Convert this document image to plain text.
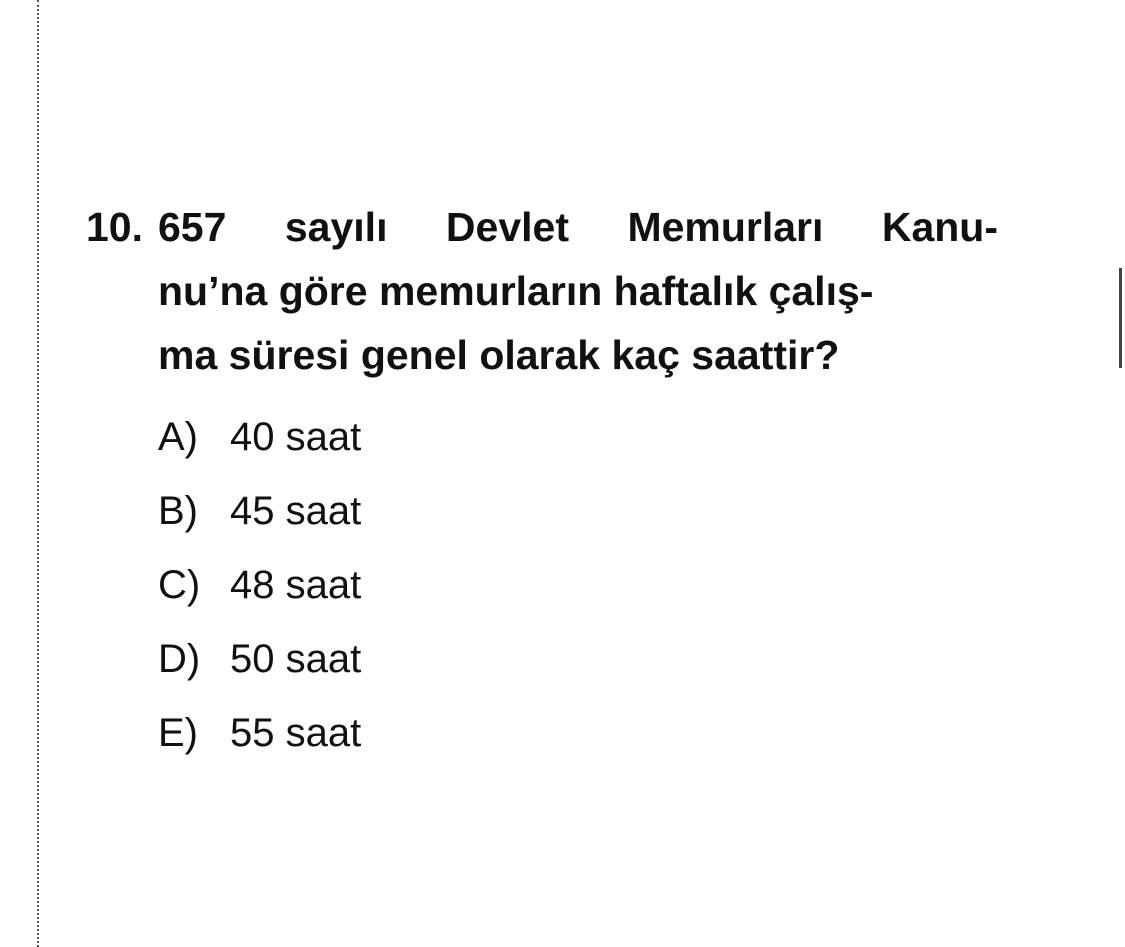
10. 657 sayılı Devlet Memurları Kanu-
nu’na göre memurların haftalık çalış-
ma süresi genel olarak kaç saattir?
A) 40 saat
B) 45 saat
C) 48 saat
D) 50 saat
E) 55 saat
